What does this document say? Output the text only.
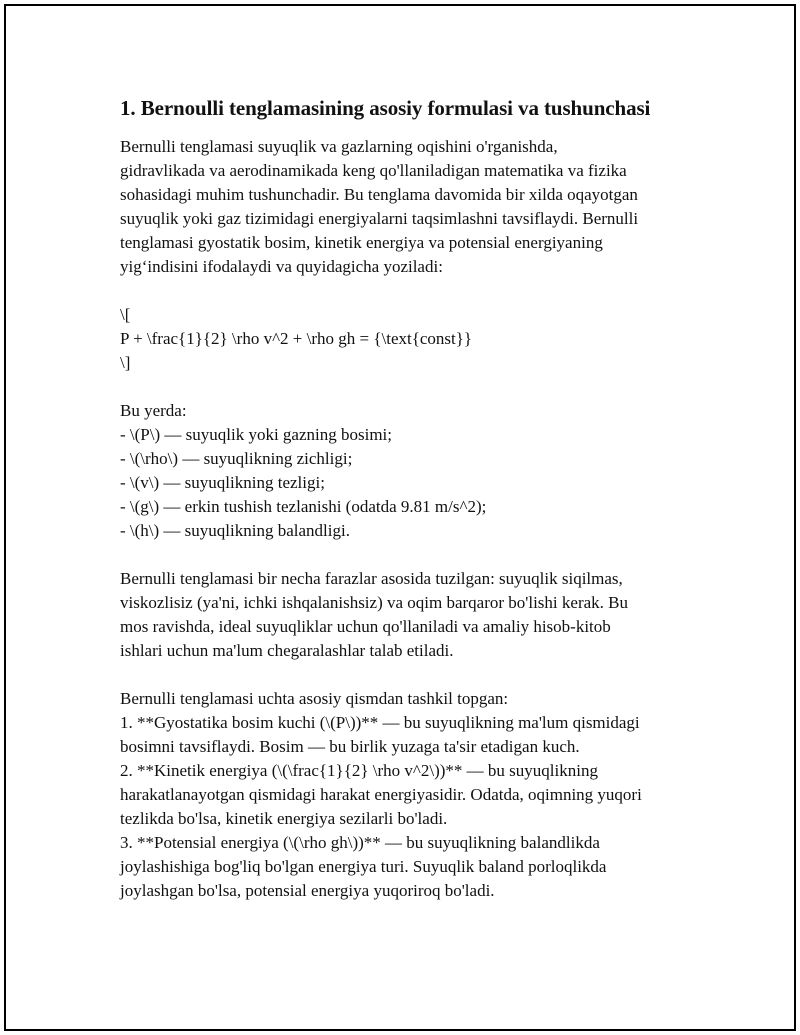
1. Bernoulli tenglamasining asosiy formulasi va tushunchasi
Bernulli tenglamasi suyuqlik va gazlarning oqishini o'rganishda,
gidravlikada va aerodinamikada keng qo'llaniladigan matematika va fizika
sohasidagi muhim tushunchadir. Bu tenglama davomida bir xilda oqayotgan
suyuqlik yoki gaz tizimidagi energiyalarni taqsimlashni tavsiflaydi. Bernulli
tenglamasi gyostatik bosim, kinetik energiya va potensial energiyaning
yig‘indisini ifodalaydi va quyidagicha yoziladi:
\[
P + \frac{1}{2} \rho v^2 + \rho gh = {\text{const}}
\]
Bu yerda:
- \(P\) — suyuqlik yoki gazning bosimi;
- \(\rho\) — suyuqlikning zichligi;
- \(v\) — suyuqlikning tezligi;
- \(g\) — erkin tushish tezlanishi (odatda 9.81 m/s^2);
- \(h\) — suyuqlikning balandligi.
Bernulli tenglamasi bir necha farazlar asosida tuzilgan: suyuqlik siqilmas,
viskozlisiz (ya'ni, ichki ishqalanishsiz) va oqim barqaror bo'lishi kerak. Bu
mos ravishda, ideal suyuqliklar uchun qo'llaniladi va amaliy hisob-kitob
ishlari uchun ma'lum chegaralashlar talab etiladi.
Bernulli tenglamasi uchta asosiy qismdan tashkil topgan:
1. **Gyostatika bosim kuchi (\(P\))** — bu suyuqlikning ma'lum qismidagi
bosimni tavsiflaydi. Bosim — bu birlik yuzaga ta'sir etadigan kuch.
2. **Kinetik energiya (\(\frac{1}{2} \rho v^2\))** — bu suyuqlikning
harakatlanayotgan qismidagi harakat energiyasidir. Odatda, oqimning yuqori
tezlikda bo'lsa, kinetik energiya sezilarli bo'ladi.
3. **Potensial energiya (\(\rho gh\))** — bu suyuqlikning balandlikda
joylashishiga bog'liq bo'lgan energiya turi. Suyuqlik baland porloqlikda
joylashgan bo'lsa, potensial energiya yuqoriroq bo'ladi.
